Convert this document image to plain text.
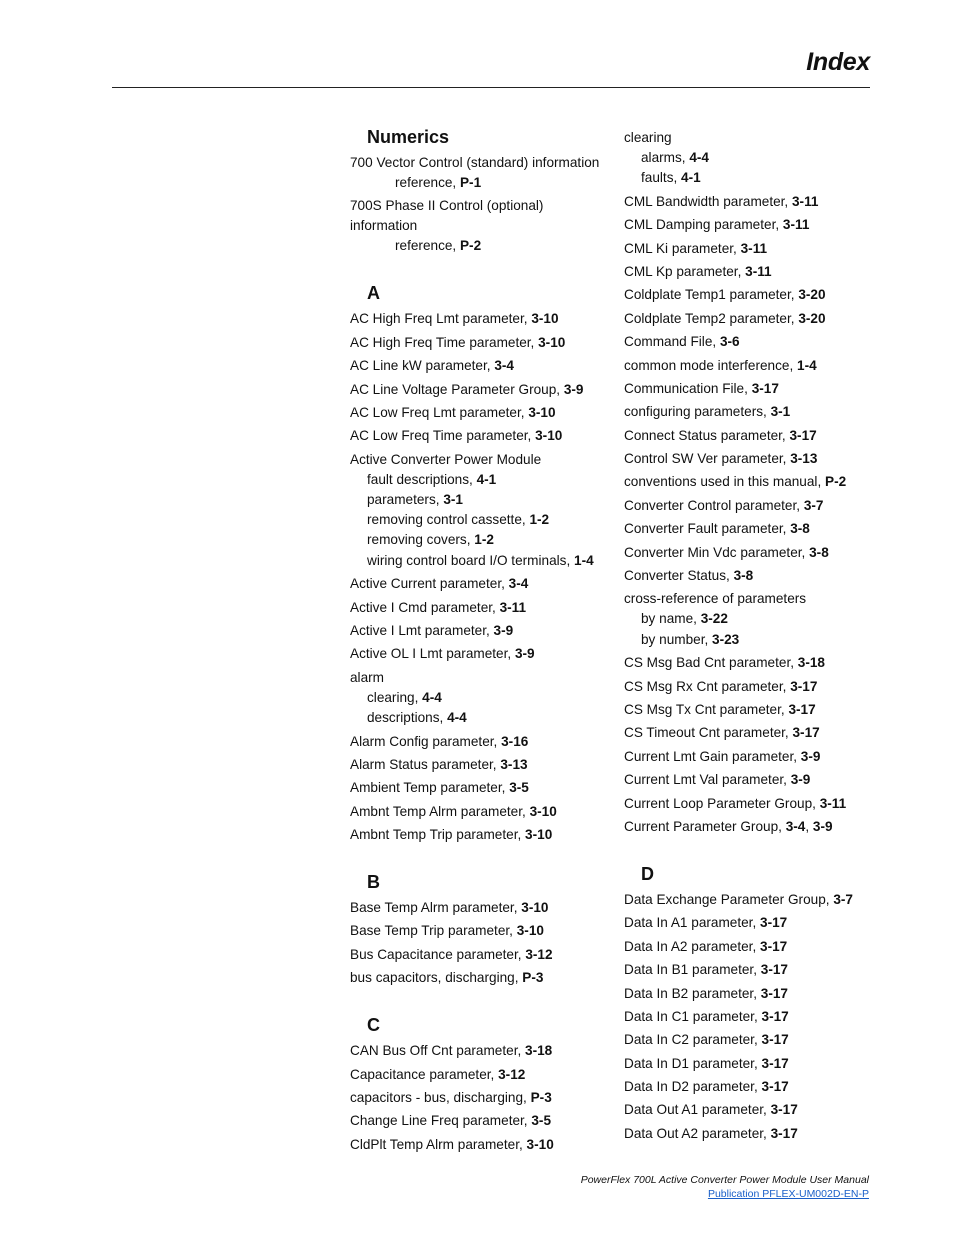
Index
Numerics
700 Vector Control (standard) information
reference, P-1
700S Phase II Control (optional) information
reference, P-2
A
AC High Freq Lmt parameter, 3-10
AC High Freq Time parameter, 3-10
AC Line kW parameter, 3-4
AC Line Voltage Parameter Group, 3-9
AC Low Freq Lmt parameter, 3-10
AC Low Freq Time parameter, 3-10
Active Converter Power Module
fault descriptions, 4-1
parameters, 3-1
removing control cassette, 1-2
removing covers, 1-2
wiring control board I/O terminals, 1-4
Active Current parameter, 3-4
Active I Cmd parameter, 3-11
Active I Lmt parameter, 3-9
Active OL I Lmt parameter, 3-9
alarm
clearing, 4-4
descriptions, 4-4
Alarm Config parameter, 3-16
Alarm Status parameter, 3-13
Ambient Temp parameter, 3-5
Ambnt Temp Alrm parameter, 3-10
Ambnt Temp Trip parameter, 3-10
B
Base Temp Alrm parameter, 3-10
Base Temp Trip parameter, 3-10
Bus Capacitance parameter, 3-12
bus capacitors, discharging, P-3
C
CAN Bus Off Cnt parameter, 3-18
Capacitance parameter, 3-12
capacitors - bus, discharging, P-3
Change Line Freq parameter, 3-5
CldPlt Temp Alrm parameter, 3-10
clearing
alarms, 4-4
faults, 4-1
CML Bandwidth parameter, 3-11
CML Damping parameter, 3-11
CML Ki parameter, 3-11
CML Kp parameter, 3-11
Coldplate Temp1 parameter, 3-20
Coldplate Temp2 parameter, 3-20
Command File, 3-6
common mode interference, 1-4
Communication File, 3-17
configuring parameters, 3-1
Connect Status parameter, 3-17
Control SW Ver parameter, 3-13
conventions used in this manual, P-2
Converter Control parameter, 3-7
Converter Fault parameter, 3-8
Converter Min Vdc parameter, 3-8
Converter Status, 3-8
cross-reference of parameters
by name, 3-22
by number, 3-23
CS Msg Bad Cnt parameter, 3-18
CS Msg Rx Cnt parameter, 3-17
CS Msg Tx Cnt parameter, 3-17
CS Timeout Cnt parameter, 3-17
Current Lmt Gain parameter, 3-9
Current Lmt Val parameter, 3-9
Current Loop Parameter Group, 3-11
Current Parameter Group, 3-4, 3-9
D
Data Exchange Parameter Group, 3-7
Data In A1 parameter, 3-17
Data In A2 parameter, 3-17
Data In B1 parameter, 3-17
Data In B2 parameter, 3-17
Data In C1 parameter, 3-17
Data In C2 parameter, 3-17
Data In D1 parameter, 3-17
Data In D2 parameter, 3-17
Data Out A1 parameter, 3-17
Data Out A2 parameter, 3-17
PowerFlex 700L Active Converter Power Module User Manual
Publication PFLEX-UM002D-EN-P
